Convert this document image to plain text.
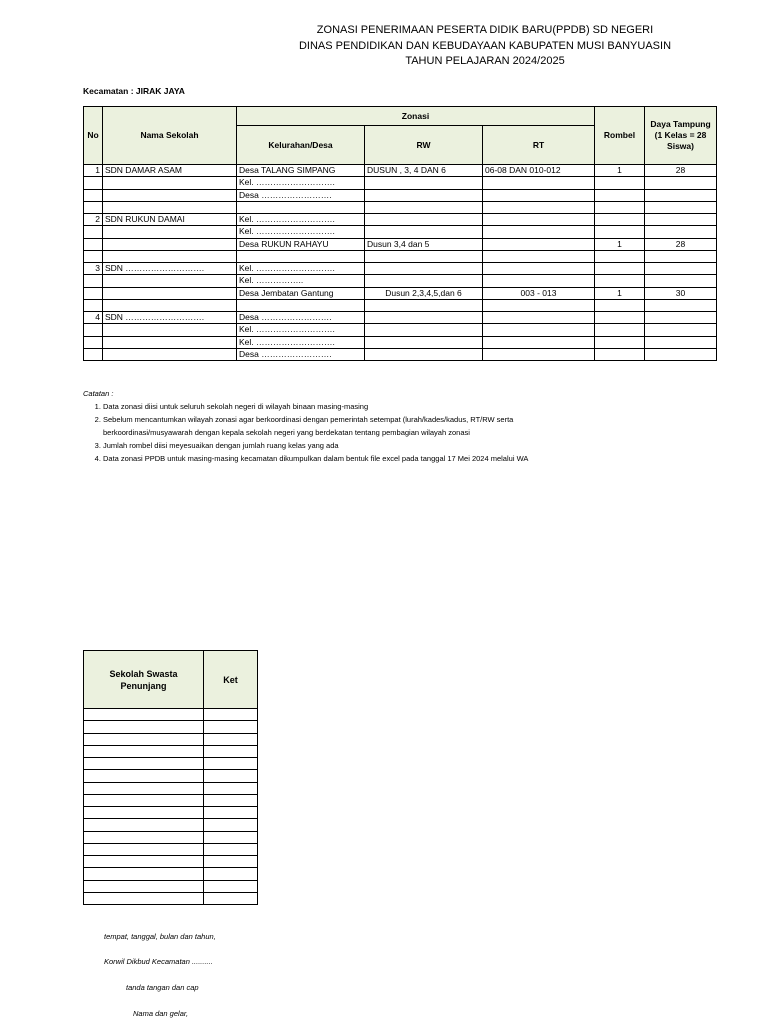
ZONASI PENERIMAAN PESERTA DIDIK BARU(PPDB) SD NEGERI
DINAS PENDIDIKAN DAN KEBUDAYAAN KABUPATEN MUSI BANYUASIN
TAHUN PELAJARAN 2024/2025
Kecamatan : JIRAK JAYA
No	Nama Sekolah	Zonasi			Rombel	Daya Tampung (1 Kelas = 28 Siswa)
		Kelurahan/Desa	RW	RT		
1	SDN DAMAR ASAM	Desa TALANG SIMPANG	DUSUN , 3, 4 DAN 6	06-08 DAN 010-012	1	28
		Kel. ……………………….				
		Desa …………………….				

2	SDN RUKUN DAMAI	Kel. ……………………….				
		Kel. ……………………….				
		Desa RUKUN RAHAYU	Dusun 3,4 dan 5		1	28

3	SDN ……………………….	Kel. ……………………….				
		Kel. ……………..				
		Desa Jembatan Gantung	Dusun 2,3,4,5,dan 6	003 - 013	1	30

4	SDN ……………………….	Desa …………………….				
		Kel. ……………………….				
		Kel. ……………………….				
		Desa …………………….				
Catatan :
1. Data zonasi diisi untuk seluruh sekolah negeri di wilayah binaan masing-masing
2. Sebelum mencantumkan wilayah zonasi agar berkoordinasi dengan pemerintah setempat (lurah/kades/kadus, RT/RW serta berkoordinasi/musyawarah dengan kepala sekolah negeri yang berdekatan tentang pembagian wilayah zonasi
3. Jumlah rombel diisi meyesuaikan dengan jumlah ruang kelas yang ada
4. Data zonasi PPDB untuk masing-masing kecamatan dikumpulkan dalam bentuk file excel pada tanggal 17 Mei 2024 melalui WA
Sekolah Swasta Penunjang	Ket

tempat, tanggal, bulan dan tahun,
Korwil Dikbud Kecamatan ..........
tanda tangan dan cap
Nama dan gelar,
